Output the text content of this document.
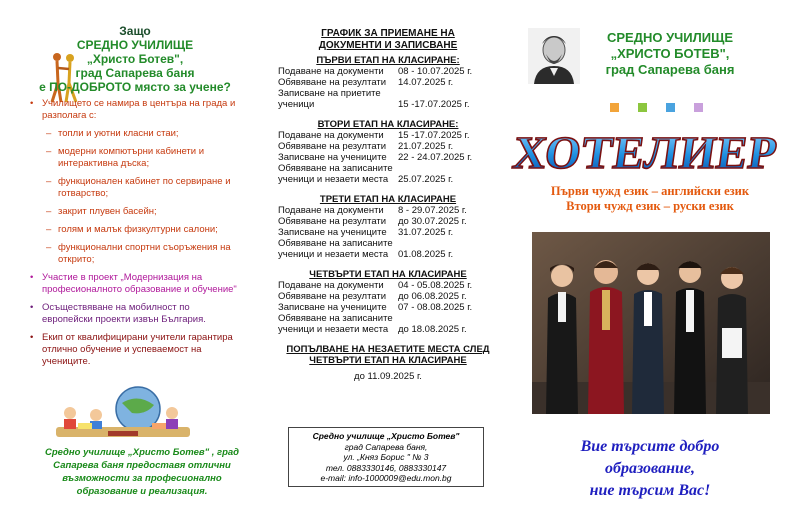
Защо
СРЕДНО УЧИЛИЩЕ
„Христо Ботев",
град Сапарева баня
е ПО-ДОБРОТО място за учене?
• Училището се намира в центъра на града и разполага с:
– топли и уютни класни стаи;
– модерни компютърни кабинети и интерактивна дъска;
– функционален кабинет по сервиране и готварство;
– закрит плувен басейн;
– голям и малък физкултурни салони;
– функционални спортни съоръжения на открито;
• Участие в проект „Модернизация на професионалното образование и обучение"
• Осъществяване на мобилност по европейски проекти извън България.
• Екип от квалифицирани учители гарантира отлично обучение и успеваемост на учениците.
Средно училище „Христо Ботев" , град
Сапарева баня предоставя отлични
възможности за професионално
образование и реализация.
ГРАФИК ЗА ПРИЕМАНЕ НА
ДОКУМЕНТИ И ЗАПИСВАНЕ
ПЪРВИ ЕТАП НА КЛАСИРАНЕ:
Подаване на документи	08 - 10.07.2025 г.
Обявяване на резултати	14.07.2025 г.
Записване на приетите
ученици	15 -17.07.2025 г.
ВТОРИ ЕТАП НА КЛАСИРАНЕ:
Подаване на документи	15 -17.07.2025 г.
Обявяване на резултати	21.07.2025 г.
Записване на учениците	22 - 24.07.2025 г.
Обявяване на записаните
ученици и незаети места	25.07.2025 г.
ТРЕТИ ЕТАП НА КЛАСИРАНЕ
Подаване на документи	8 - 29.07.2025 г.
Обявяване на резултати	до 30.07.2025 г.
Записване на учениците	31.07.2025 г.
Обявяване на записаните
ученици и незаети места	01.08.2025 г.
ЧЕТВЪРТИ ЕТАП НА КЛАСИРАНЕ
Подаване на документи	04 - 05.08.2025 г.
Обявяване на резултати	до 06.08.2025 г.
Записване на учениците	07 - 08.08.2025 г.
Обявяване на записаните
ученици и незаети места	до 18.08.2025 г.
ПОПЪЛВАНЕ НА НЕЗАЕТИТЕ МЕСТА СЛЕД
ЧЕТВЪРТИ ЕТАП НА КЛАСИРАНЕ
до 11.09.2025 г.
Средно училище „Христо Ботев"
град Сапарева баня,
ул. „Княз Борис " № 3
тел. 0883330146, 0883330147
e-mail: info-1000009@edu.mon.bg
СРЕДНО УЧИЛИЩЕ
„ХРИСТО БОТЕВ",
град Сапарева баня
ХОТЕЛИЕР
Първи чужд език – английски език
Втори чужд език – руски език
Вие търсите добро
образование,
ние търсим Вас!
